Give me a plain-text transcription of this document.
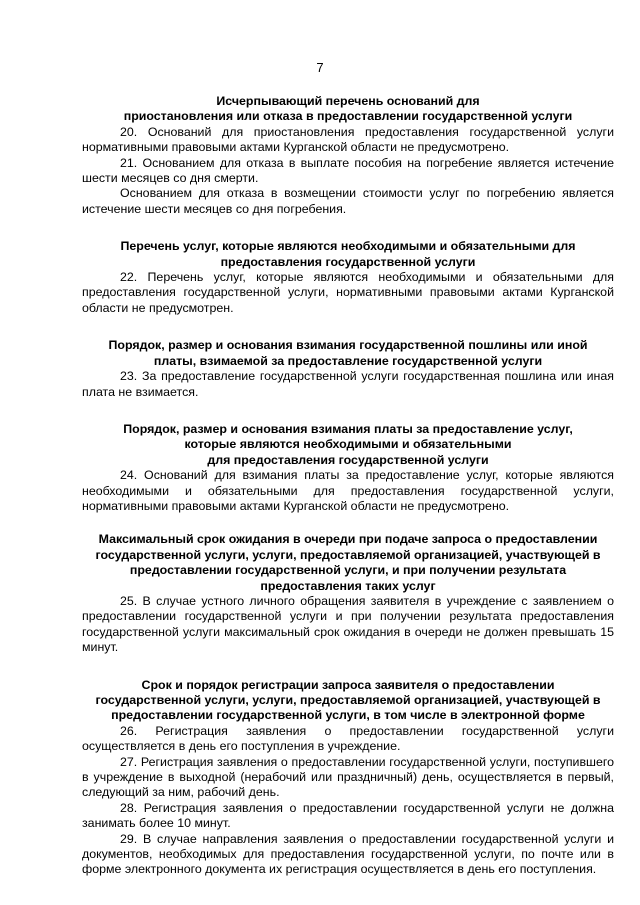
7
Исчерпывающий перечень оснований для
приостановления или отказа в предоставлении государственной услуги

20. Оснований для приостановления предоставления государственной услуги нормативными правовыми актами Курганской области не предусмотрено.

21. Основанием для отказа в выплате пособия на погребение является истечение шести месяцев со дня смерти.

Основанием для отказа в возмещении стоимости услуг по погребению является истечение шести месяцев со дня погребения.

Перечень услуг, которые являются необходимыми и обязательными для
предоставления государственной услуги

22. Перечень услуг, которые являются необходимыми и обязательными для предоставления государственной услуги, нормативными правовыми актами Курганской области не предусмотрен.

Порядок, размер и основания взимания государственной пошлины или иной
платы, взимаемой за предоставление государственной услуги

23. За предоставление государственной услуги государственная пошлина или иная плата не взимается.

Порядок, размер и основания взимания платы за предоставление услуг,
которые являются необходимыми и обязательными
для предоставления государственной услуги

24. Оснований для взимания платы за предоставление услуг, которые являются необходимыми и обязательными для предоставления государственной услуги, нормативными правовыми актами Курганской области не предусмотрено.

Максимальный срок ожидания в очереди при подаче запроса о предоставлении
государственной услуги, услуги, предоставляемой организацией, участвующей в
предоставлении государственной услуги, и при получении результата
предоставления таких услуг

25. В случае устного личного обращения заявителя в учреждение с заявлением о предоставлении государственной услуги и при получении результата предоставления государственной услуги максимальный срок ожидания в очереди не должен превышать 15 минут.

Срок и порядок регистрации запроса заявителя о предоставлении
государственной услуги, услуги, предоставляемой организацией, участвующей в
предоставлении государственной услуги, в том числе в электронной форме

26. Регистрация заявления о предоставлении государственной услуги осуществляется в день его поступления в учреждение.

27. Регистрация заявления о предоставлении государственной услуги, поступившего в учреждение в выходной (нерабочий или праздничный) день, осуществляется в первый, следующий за ним, рабочий день.

28. Регистрация заявления о предоставлении государственной услуги не должна занимать более 10 минут.

29. В случае направления заявления о предоставлении государственной услуги и документов, необходимых для предоставления государственной услуги, по почте или в форме электронного документа их регистрация осуществляется в день его поступления.
